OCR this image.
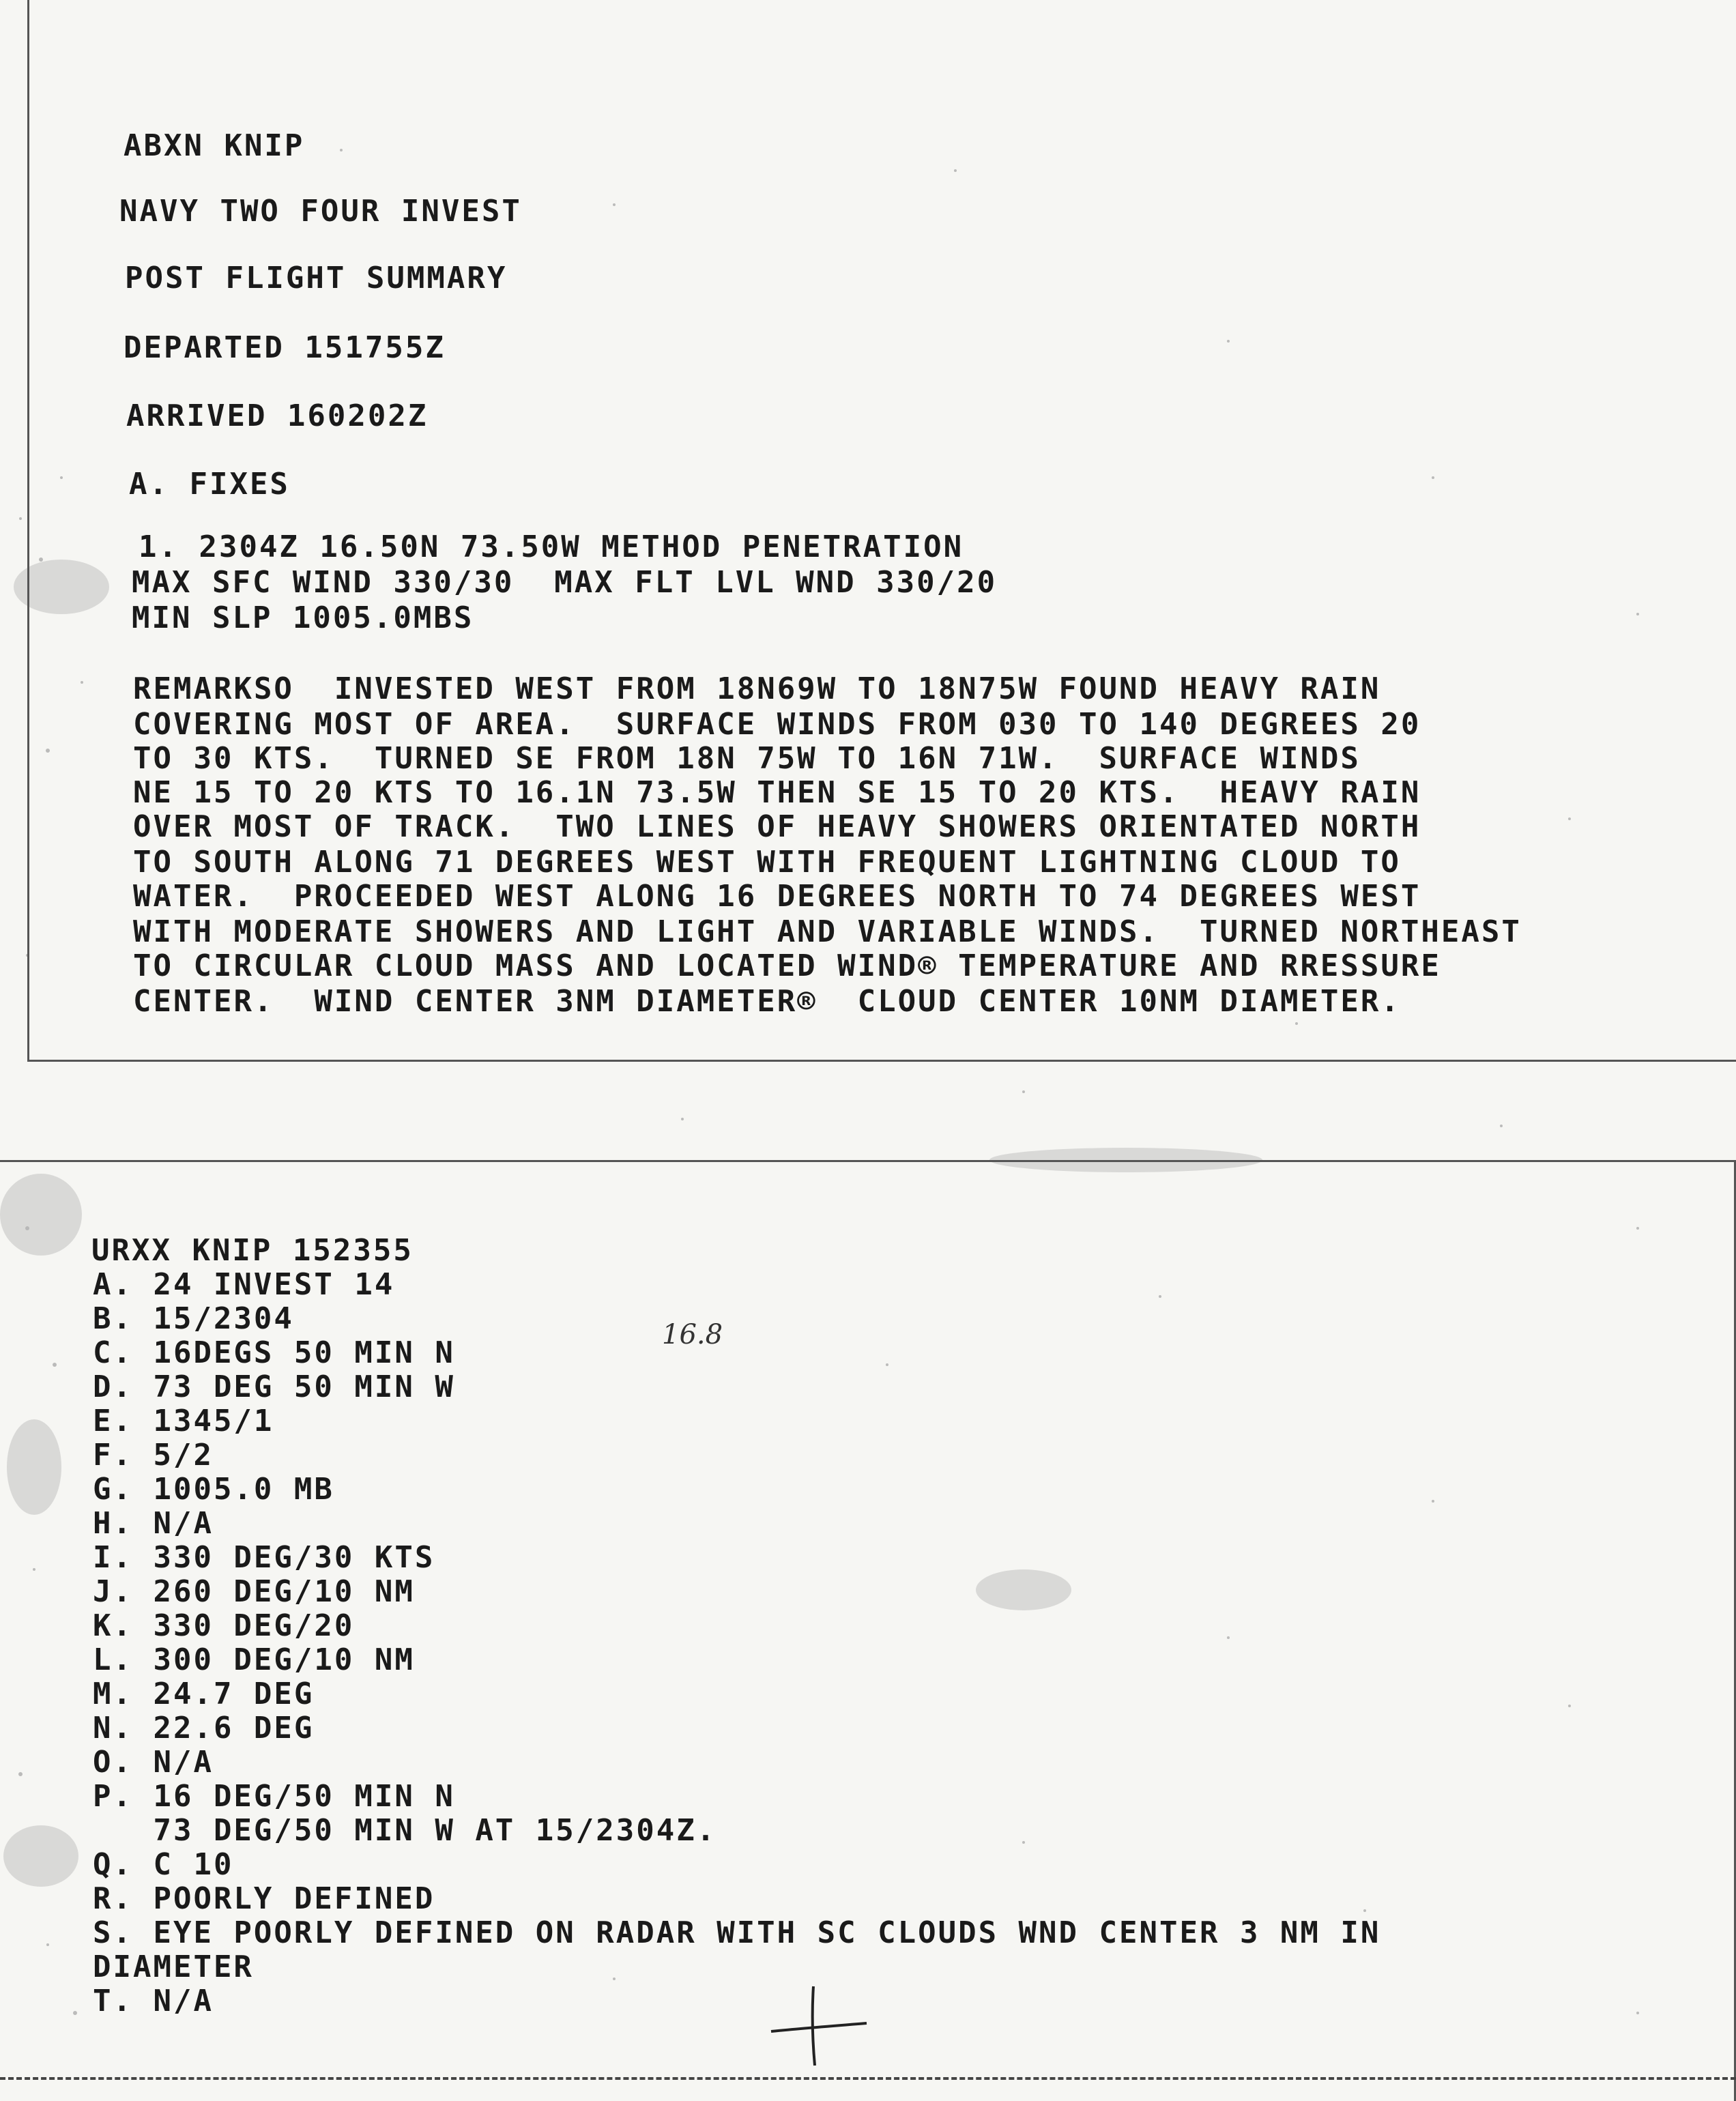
ABXN KNIP
NAVY TWO FOUR INVEST
POST FLIGHT SUMMARY
DEPARTED 151755Z
ARRIVED 160202Z
A. FIXES
1. 2304Z 16.50N 73.50W METHOD PENETRATION
MAX SFC WIND 330/30  MAX FLT LVL WND 330/20
MIN SLP 1005.0MBS
REMARKSO  INVESTED WEST FROM 18N69W TO 18N75W FOUND HEAVY RAIN
COVERING MOST OF AREA.  SURFACE WINDS FROM 030 TO 140 DEGREES 20
TO 30 KTS.  TURNED SE FROM 18N 75W TO 16N 71W.  SURFACE WINDS
NE 15 TO 20 KTS TO 16.1N 73.5W THEN SE 15 TO 20 KTS.  HEAVY RAIN
OVER MOST OF TRACK.  TWO LINES OF HEAVY SHOWERS ORIENTATED NORTH
TO SOUTH ALONG 71 DEGREES WEST WITH FREQUENT LIGHTNING CLOUD TO
WATER.  PROCEEDED WEST ALONG 16 DEGREES NORTH TO 74 DEGREES WEST
WITH MODERATE SHOWERS AND LIGHT AND VARIABLE WINDS.  TURNED NORTHEAST
TO CIRCULAR CLOUD MASS AND LOCATED WIND® TEMPERATURE AND RRESSURE
CENTER.  WIND CENTER 3NM DIAMETER®  CLOUD CENTER 10NM DIAMETER.
URXX KNIP 152355
A. 24 INVEST 14
B. 15/2304
C. 16DEGS 50 MIN N
D. 73 DEG 50 MIN W
E. 1345/1
F. 5/2
G. 1005.0 MB
H. N/A
I. 330 DEG/30 KTS
J. 260 DEG/10 NM
K. 330 DEG/20
L. 300 DEG/10 NM
M. 24.7 DEG
N. 22.6 DEG
O. N/A
P. 16 DEG/50 MIN N
73 DEG/50 MIN W AT 15/2304Z.
Q. C 10
R. POORLY DEFINED
S. EYE POORLY DEFINED ON RADAR WITH SC CLOUDS WND CENTER 3 NM IN
DIAMETER
T. N/A
16.8
